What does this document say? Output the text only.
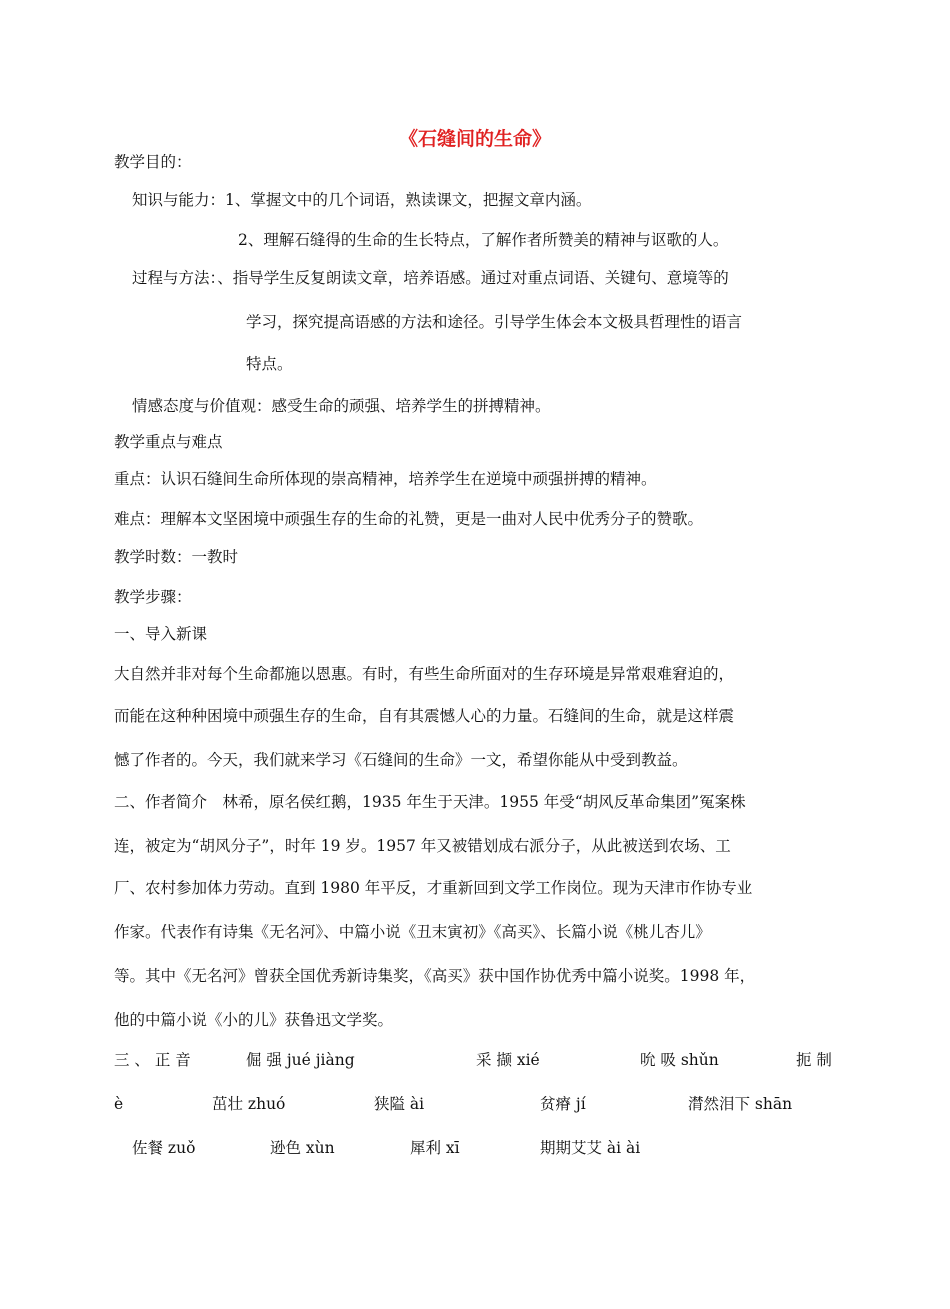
《石缝间的生命》
教学目的：
知识与能力：1、掌握文中的几个词语，熟读课文，把握文章内涵。
2、理解石缝得的生命的生长特点，了解作者所赞美的精神与讴歌的人。
过程与方法：、指导学生反复朗读文章，培养语感。通过对重点词语、关键句、意境等的
学习，探究提高语感的方法和途径。引导学生体会本文极具哲理性的语言
特点。
情感态度与价值观：感受生命的顽强、培养学生的拼搏精神。
教学重点与难点
重点：认识石缝间生命所体现的崇高精神，培养学生在逆境中顽强拼搏的精神。
难点：理解本文坚困境中顽强生存的生命的礼赞，更是一曲对人民中优秀分子的赞歌。
教学时数：一教时
教学步骤：
一、导入新课
大自然并非对每个生命都施以恩惠。有时，有些生命所面对的生存环境是异常艰难窘迫的，
而能在这种种困境中顽强生存的生命，自有其震憾人心的力量。石缝间的生命，就是这样震
憾了作者的。今天，我们就来学习《石缝间的生命》一文，希望你能从中受到教益。
二、作者简介　林希，原名侯红鹅，1935 年生于天津。1955 年受“胡风反革命集团”冤案株
连，被定为“胡风分子”，时年 19 岁。1957 年又被错划成右派分子，从此被送到农场、工
厂、农村参加体力劳动。直到 1980 年平反，才重新回到文学工作岗位。现为天津市作协专业
作家。代表作有诗集《无名河》、中篇小说《丑末寅初》《高买》、长篇小说《桃儿杏儿》
等。其中《无名河》曾获全国优秀新诗集奖，《高买》获中国作协优秀中篇小说奖。1998 年，
他的中篇小说《小的儿》获鲁迅文学奖。
三 、 正 音	倔 强 jué jiàng	采 撷 xié	吮 吸 shǔn	扼 制
è	茁壮 zhuó	狭隘 ài	贫瘠 jí	潸然泪下 shān
佐餐 zuǒ	逊色 xùn	犀利 xī	期期艾艾 ài ài
